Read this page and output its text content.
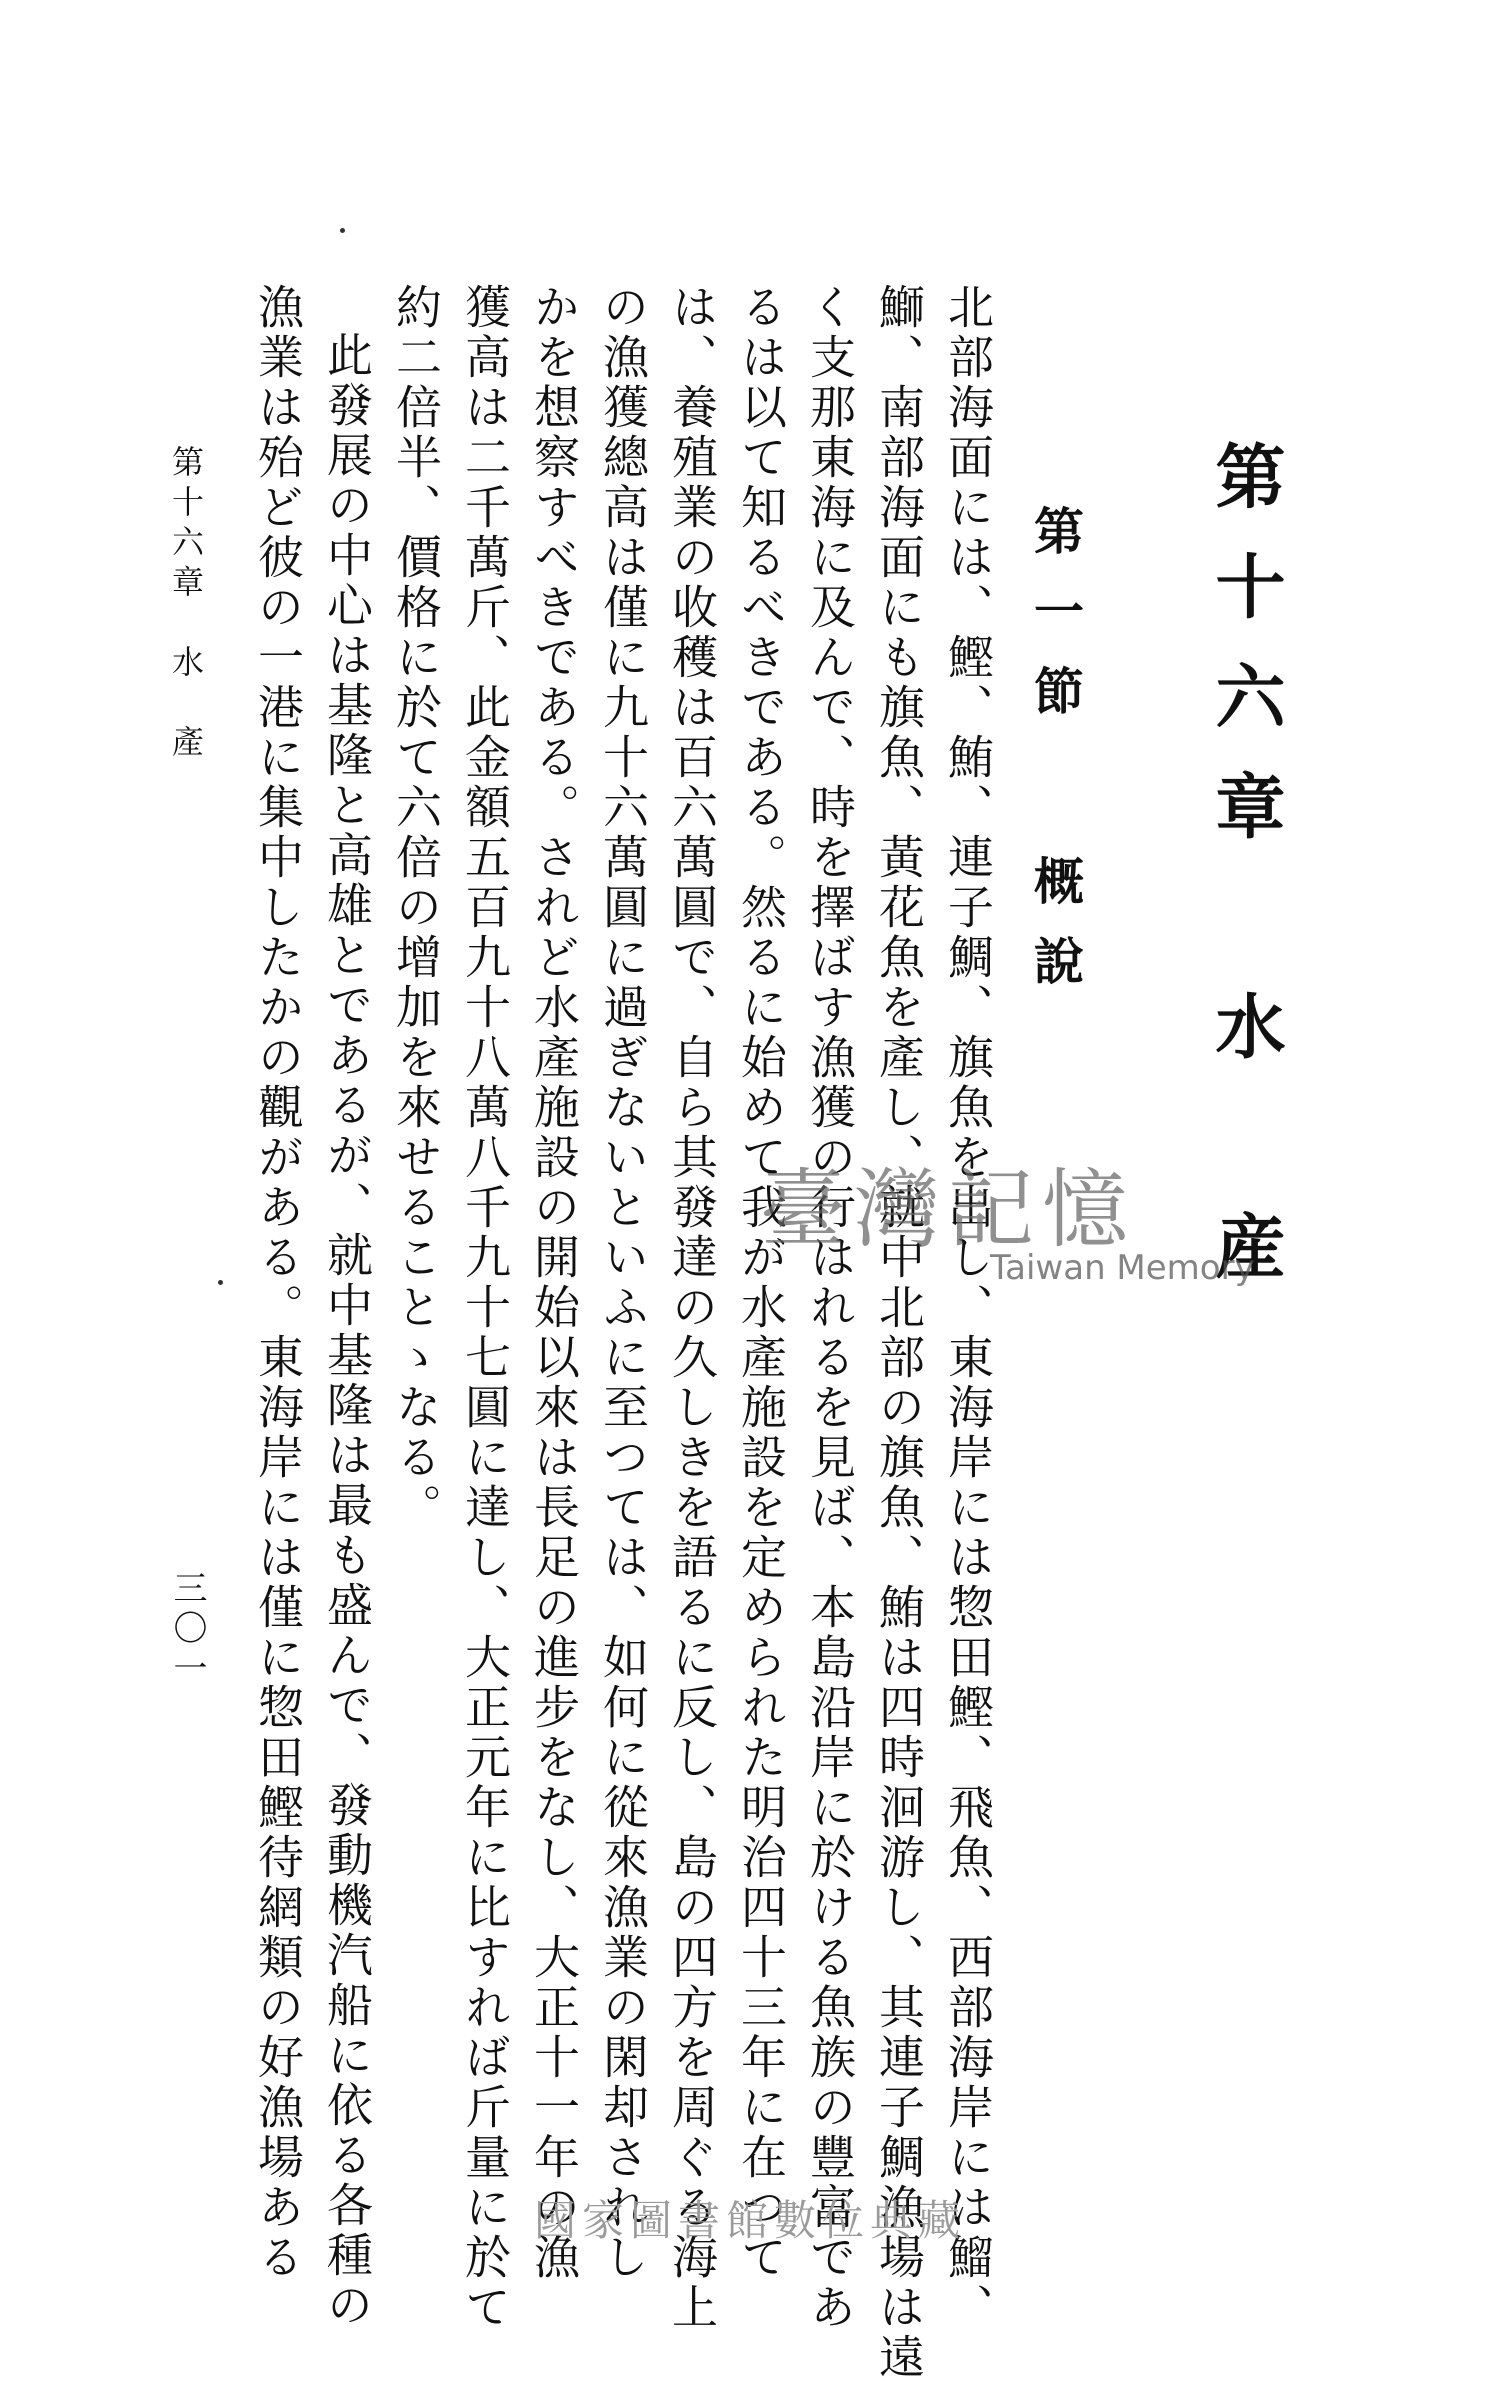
第十六章　水　産
第一節概說
北部海面には、鰹、鮪、連子鯛、旗魚を出し、東海岸には惣田鰹、飛魚、西部海岸には鰡、
鰤、南部海面にも旗魚、黃花魚を產し、就中北部の旗魚、鮪は四時洄游し、其連子鯛漁場は遠
く支那東海に及んで、時を擇ばす漁獲の行はれるを見ば、本島沿岸に於ける魚族の豐富であ
るは以て知るべきである。然るに始めて我が水產施設を定められた明治四十三年に在つて
は、養殖業の收穫は百六萬圓で、自ら其發達の久しきを語るに反し、島の四方を周ぐる海上
の漁獲總高は僅に九十六萬圓に過ぎないといふに至つては、如何に從來漁業の閑却されし
かを想察すべきである。されど水產施設の開始以來は長足の進步をなし、大正十一年の漁
獲高は二千萬斤、此金額五百九十八萬八千九十七圓に達し、大正元年に比すれば斤量に於て
約二倍半、價格に於て六倍の增加を來せることゝなる。
此發展の中心は基隆と高雄とであるが、就中基隆は最も盛んで、發動機汽船に依る各種の
漁業は殆ど彼の一港に集中したかの觀がある。東海岸には僅に惣田鰹待網類の好漁場ある
第十六章　水　產
三〇一
臺灣記憶
Taiwan Memory
國家圖書館數位典藏
